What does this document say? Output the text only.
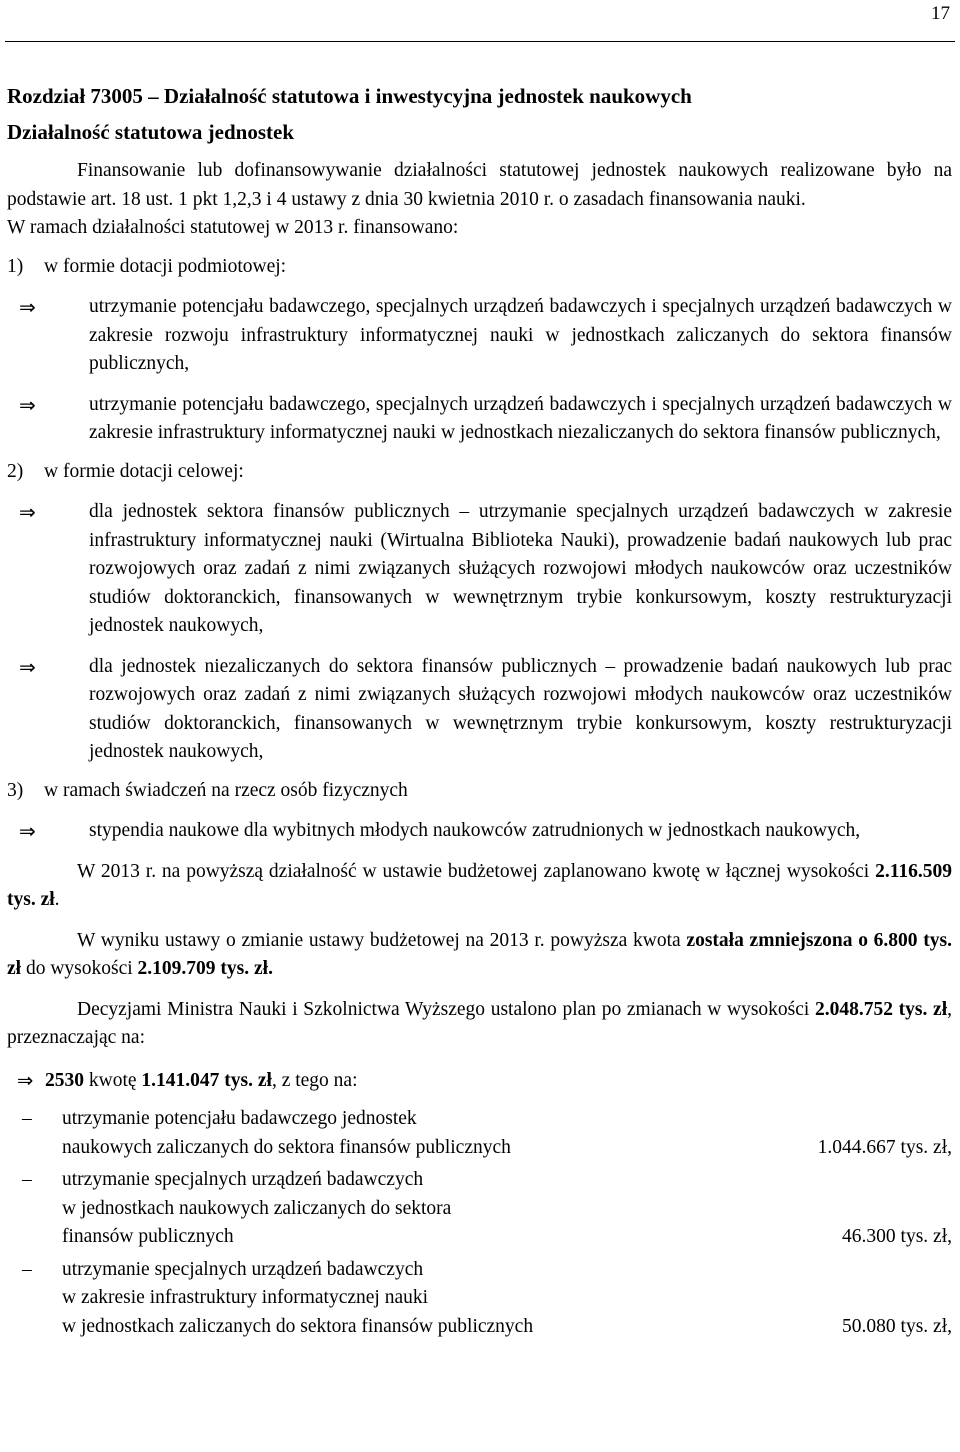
17
Rozdział 73005 – Działalność statutowa i inwestycyjna jednostek naukowych
Działalność statutowa jednostek

Finansowanie lub dofinansowywanie działalności statutowej jednostek naukowych realizowane było na podstawie art. 18 ust. 1 pkt 1,2,3 i 4 ustawy z dnia 30 kwietnia 2010 r. o zasadach finansowania nauki.

W ramach działalności statutowej w 2013 r. finansowano:

1)	w formie dotacji podmiotowej:
⇒	utrzymanie potencjału badawczego, specjalnych urządzeń badawczych i specjalnych urządzeń badawczych w zakresie rozwoju infrastruktury informatycznej nauki w jednostkach zaliczanych do sektora finansów publicznych,
⇒	utrzymanie potencjału badawczego, specjalnych urządzeń badawczych i specjalnych urządzeń badawczych w zakresie infrastruktury informatycznej nauki w jednostkach niezaliczanych do sektora finansów publicznych,
2)	w formie dotacji celowej:
⇒	dla jednostek sektora finansów publicznych – utrzymanie specjalnych urządzeń badawczych w zakresie infrastruktury informatycznej nauki (Wirtualna Biblioteka Nauki), prowadzenie badań naukowych lub prac rozwojowych oraz zadań z nimi związanych służących rozwojowi młodych naukowców oraz uczestników studiów doktoranckich, finansowanych w wewnętrznym trybie konkursowym, koszty restrukturyzacji jednostek naukowych,
⇒	dla jednostek niezaliczanych do sektora finansów publicznych – prowadzenie badań naukowych lub prac rozwojowych oraz zadań z nimi związanych służących rozwojowi młodych naukowców oraz uczestników studiów doktoranckich, finansowanych w wewnętrznym trybie konkursowym, koszty restrukturyzacji jednostek naukowych,
3)	w ramach świadczeń na rzecz osób fizycznych
⇒	stypendia naukowe dla wybitnych młodych naukowców zatrudnionych w jednostkach naukowych,

W 2013 r. na powyższą działalność w ustawie budżetowej zaplanowano kwotę w łącznej wysokości 2.116.509 tys. zł.

W wyniku ustawy o zmianie ustawy budżetowej na 2013 r. powyższa kwota została zmniejszona o 6.800 tys. zł do wysokości 2.109.709 tys. zł.

Decyzjami Ministra Nauki i Szkolnictwa Wyższego ustalono plan po zmianach w wysokości 2.048.752 tys. zł, przeznaczając na:

⇒ 2530 kwotę 1.141.047 tys. zł, z tego na:
–	utrzymanie potencjału badawczego jednostek
naukowych zaliczanych do sektora finansów publicznych	1.044.667 tys. zł,
–	utrzymanie specjalnych urządzeń badawczych
w jednostkach naukowych zaliczanych do sektora
finansów publicznych	46.300 tys. zł,
–	utrzymanie specjalnych urządzeń badawczych
w zakresie infrastruktury informatycznej nauki
w jednostkach zaliczanych do sektora finansów publicznych	50.080 tys. zł,
